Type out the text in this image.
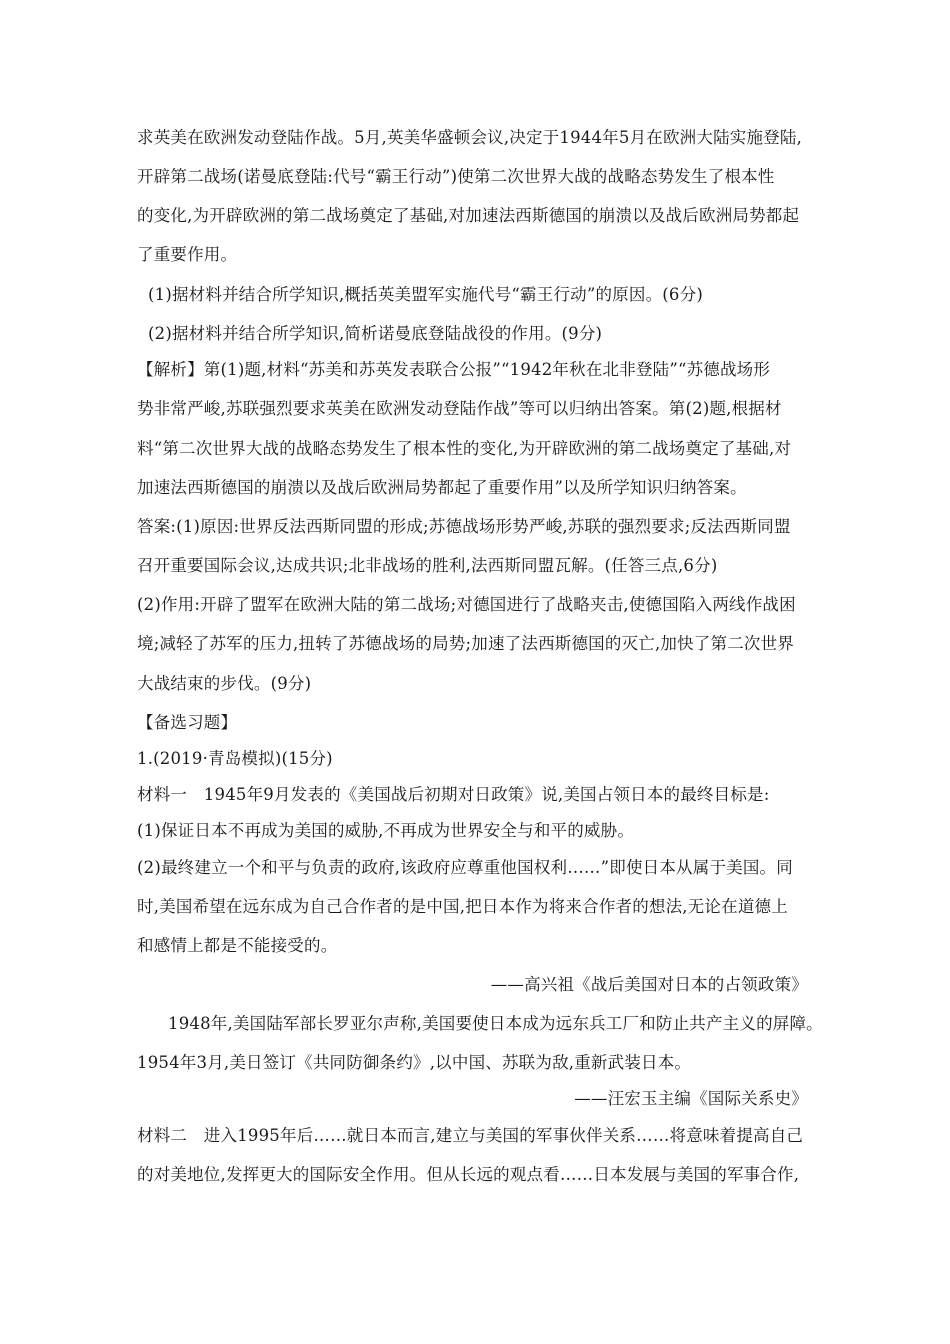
求英美在欧洲发动登陆作战。5月,英美华盛顿会议,决定于1944年5月在欧洲大陆实施登陆,
开辟第二战场(诺曼底登陆:代号“霸王行动”)使第二次世界大战的战略态势发生了根本性
的变化,为开辟欧洲的第二战场奠定了基础,对加速法西斯德国的崩溃以及战后欧洲局势都起
了重要作用。
(1)据材料并结合所学知识,概括英美盟军实施代号“霸王行动”的原因。(6分)
(2)据材料并结合所学知识,简析诺曼底登陆战役的作用。(9分)
【解析】第(1)题,材料“苏美和苏英发表联合公报”“1942年秋在北非登陆”“苏德战场形
势非常严峻,苏联强烈要求英美在欧洲发动登陆作战”等可以归纳出答案。第(2)题,根据材
料“第二次世界大战的战略态势发生了根本性的变化,为开辟欧洲的第二战场奠定了基础,对
加速法西斯德国的崩溃以及战后欧洲局势都起了重要作用”以及所学知识归纳答案。
答案:(1)原因:世界反法西斯同盟的形成;苏德战场形势严峻,苏联的强烈要求;反法西斯同盟
召开重要国际会议,达成共识;北非战场的胜利,法西斯同盟瓦解。(任答三点,6分)
(2)作用:开辟了盟军在欧洲大陆的第二战场;对德国进行了战略夹击,使德国陷入两线作战困
境;减轻了苏军的压力,扭转了苏德战场的局势;加速了法西斯德国的灭亡,加快了第二次世界
大战结束的步伐。(9分)
【备选习题】
1.(2019·青岛模拟)(15分)
材料一　1945年9月发表的《美国战后初期对日政策》说,美国占领日本的最终目标是:
(1)保证日本不再成为美国的威胁,不再成为世界安全与和平的威胁。
(2)最终建立一个和平与负责的政府,该政府应尊重他国权利……”即使日本从属于美国。同
时,美国希望在远东成为自己合作者的是中国,把日本作为将来合作者的想法,无论在道德上
和感情上都是不能接受的。
——高兴祖《战后美国对日本的占领政策》
1948年,美国陆军部长罗亚尔声称,美国要使日本成为远东兵工厂和防止共产主义的屏障。
1954年3月,美日签订《共同防御条约》,以中国、苏联为敌,重新武装日本。
——汪宏玉主编《国际关系史》
材料二　进入1995年后……就日本而言,建立与美国的军事伙伴关系……将意味着提高自己
的对美地位,发挥更大的国际安全作用。但从长远的观点看……日本发展与美国的军事合作,
